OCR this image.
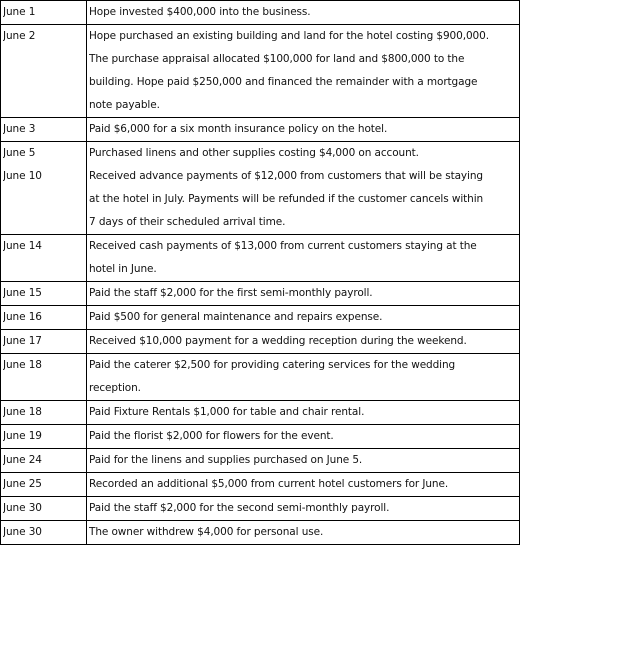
June 1	Hope invested $400,000 into the business.

June 2	Hope purchased an existing building and land for the hotel costing $900,000.
The purchase appraisal allocated $100,000 for land and $800,000 to the
building. Hope paid $250,000 and financed the remainder with a mortgage
note payable.

June 3	Paid $6,000 for a six month insurance policy on the hotel.

June 5	Purchased linens and other supplies costing $4,000 on account.

June 10	Received advance payments of $12,000 from customers that will be staying
at the hotel in July. Payments will be refunded if the customer cancels within
7 days of their scheduled arrival time.

June 14	Received cash payments of $13,000 from current customers staying at the
hotel in June.

June 15	Paid the staff $2,000 for the first semi-monthly payroll.

June 16	Paid $500 for general maintenance and repairs expense.

June 17	Received $10,000 payment for a wedding reception during the weekend.

June 18	Paid the caterer $2,500 for providing catering services for the wedding
reception.

June 18	Paid Fixture Rentals $1,000 for table and chair rental.

June 19	Paid the florist $2,000 for flowers for the event.

June 24	Paid for the linens and supplies purchased on June 5.

June 25	Recorded an additional $5,000 from current hotel customers for June.

June 30	Paid the staff $2,000 for the second semi-monthly payroll.

June 30	The owner withdrew $4,000 for personal use.
